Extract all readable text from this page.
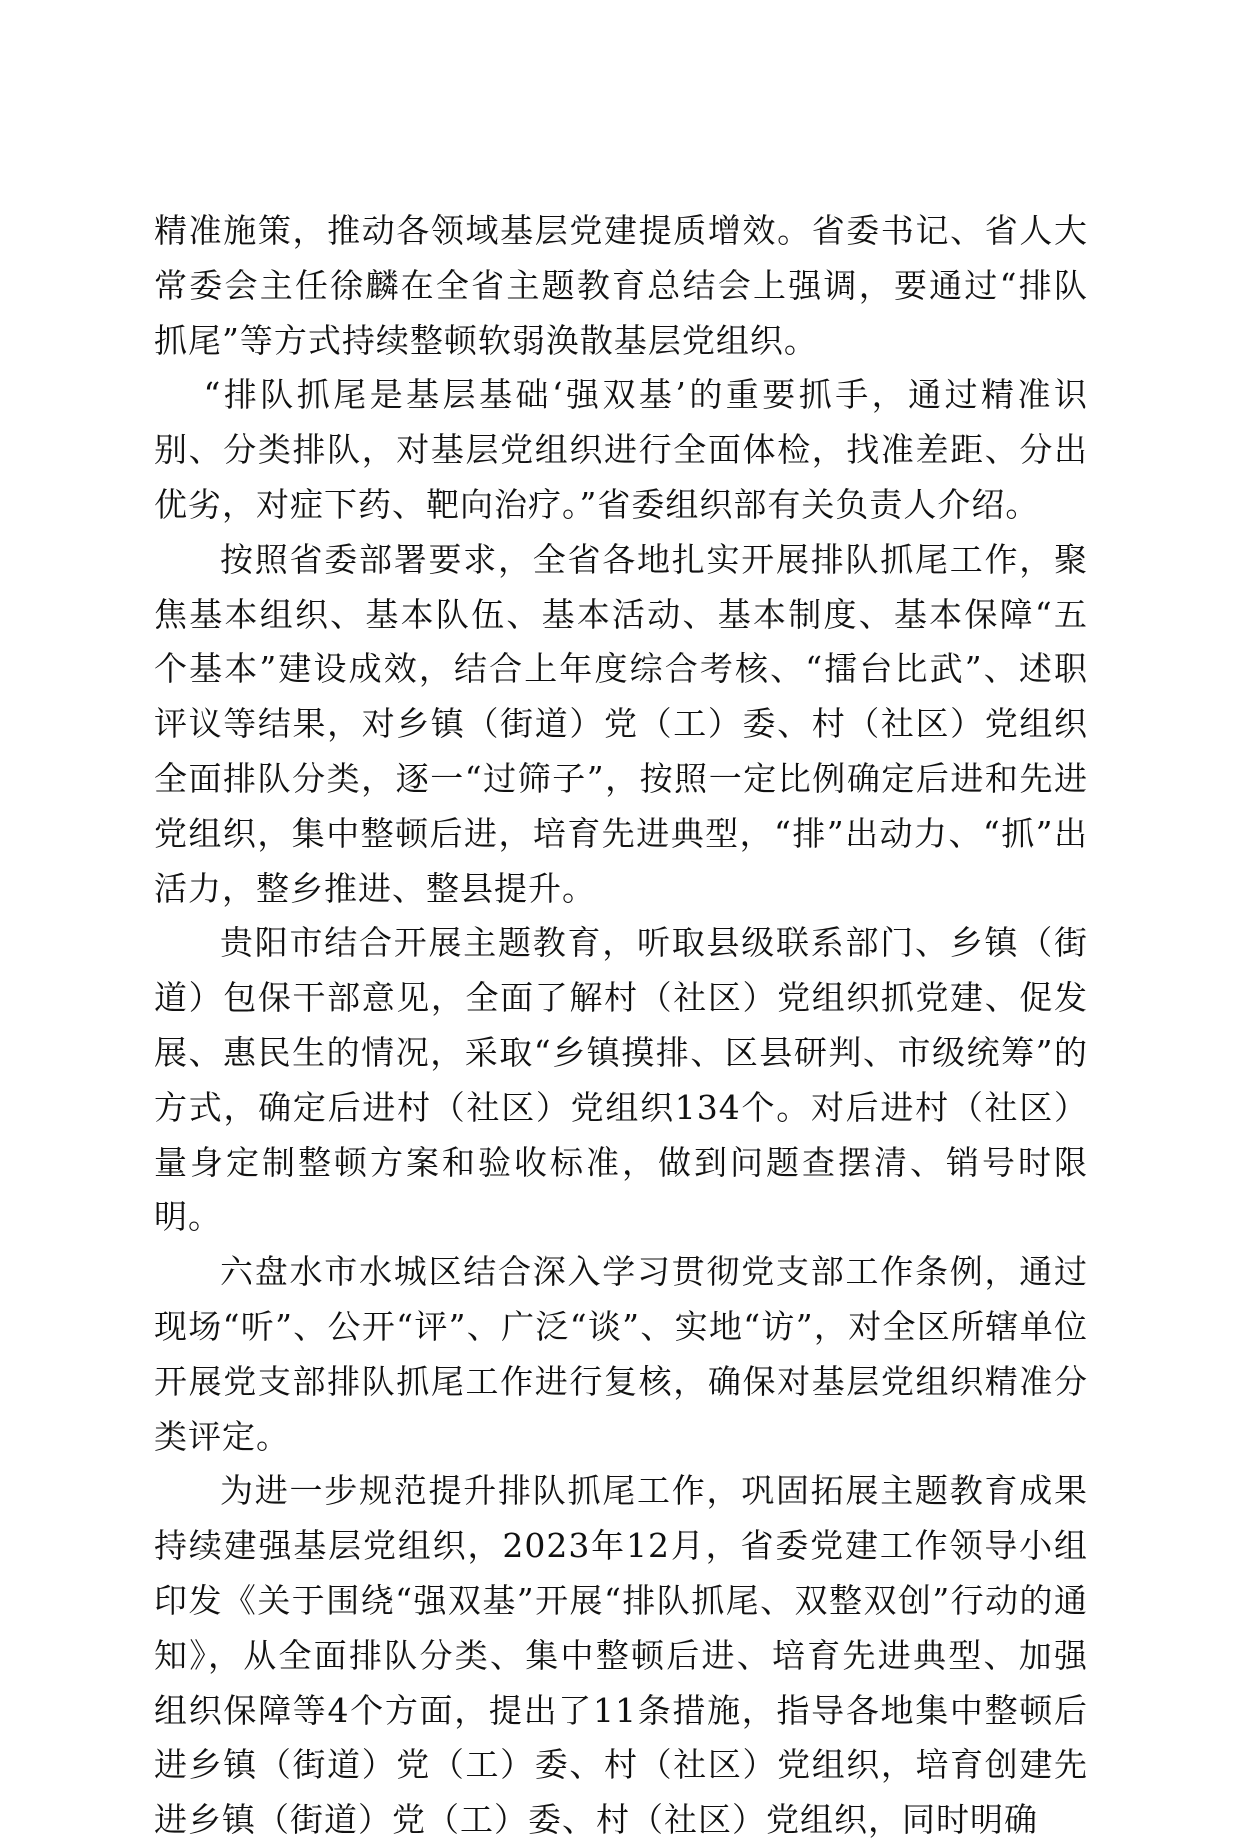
精准施策，推动各领域基层党建提质增效。省委书记、省人大常委会主任徐麟在全省主题教育总结会上强调，要通过“排队抓尾”等方式持续整顿软弱涣散基层党组织。

“排队抓尾是基层基础‘强双基’的重要抓手，通过精准识别、分类排队，对基层党组织进行全面体检，找准差距、分出优劣，对症下药、靶向治疗。”省委组织部有关负责人介绍。

按照省委部署要求，全省各地扎实开展排队抓尾工作，聚焦基本组织、基本队伍、基本活动、基本制度、基本保障“五个基本”建设成效，结合上年度综合考核、“擂台比武”、述职评议等结果，对乡镇（街道）党（工）委、村（社区）党组织全面排队分类，逐一“过筛子”，按照一定比例确定后进和先进党组织，集中整顿后进，培育先进典型，“排”出动力、“抓”出活力，整乡推进、整县提升。

贵阳市结合开展主题教育，听取县级联系部门、乡镇（街道）包保干部意见，全面了解村（社区）党组织抓党建、促发展、惠民生的情况，采取“乡镇摸排、区县研判、市级统筹”的方式，确定后进村（社区）党组织134个。对后进村（社区）量身定制整顿方案和验收标准，做到问题查摆清、销号时限明。

六盘水市水城区结合深入学习贯彻党支部工作条例，通过现场“听”、公开“评”、广泛“谈”、实地“访”，对全区所辖单位开展党支部排队抓尾工作进行复核，确保对基层党组织精准分类评定。

为进一步规范提升排队抓尾工作，巩固拓展主题教育成果持续建强基层党组织，2023年12月，省委党建工作领导小组印发《关于围绕“强双基”开展“排队抓尾、双整双创”行动的通知》，从全面排队分类、集中整顿后进、培育先进典型、加强组织保障等4个方面，提出了11条措施，指导各地集中整顿后进乡镇（街道）党（工）委、村（社区）党组织，培育创建先进乡镇（街道）党（工）委、村（社区）党组织，同时明确
